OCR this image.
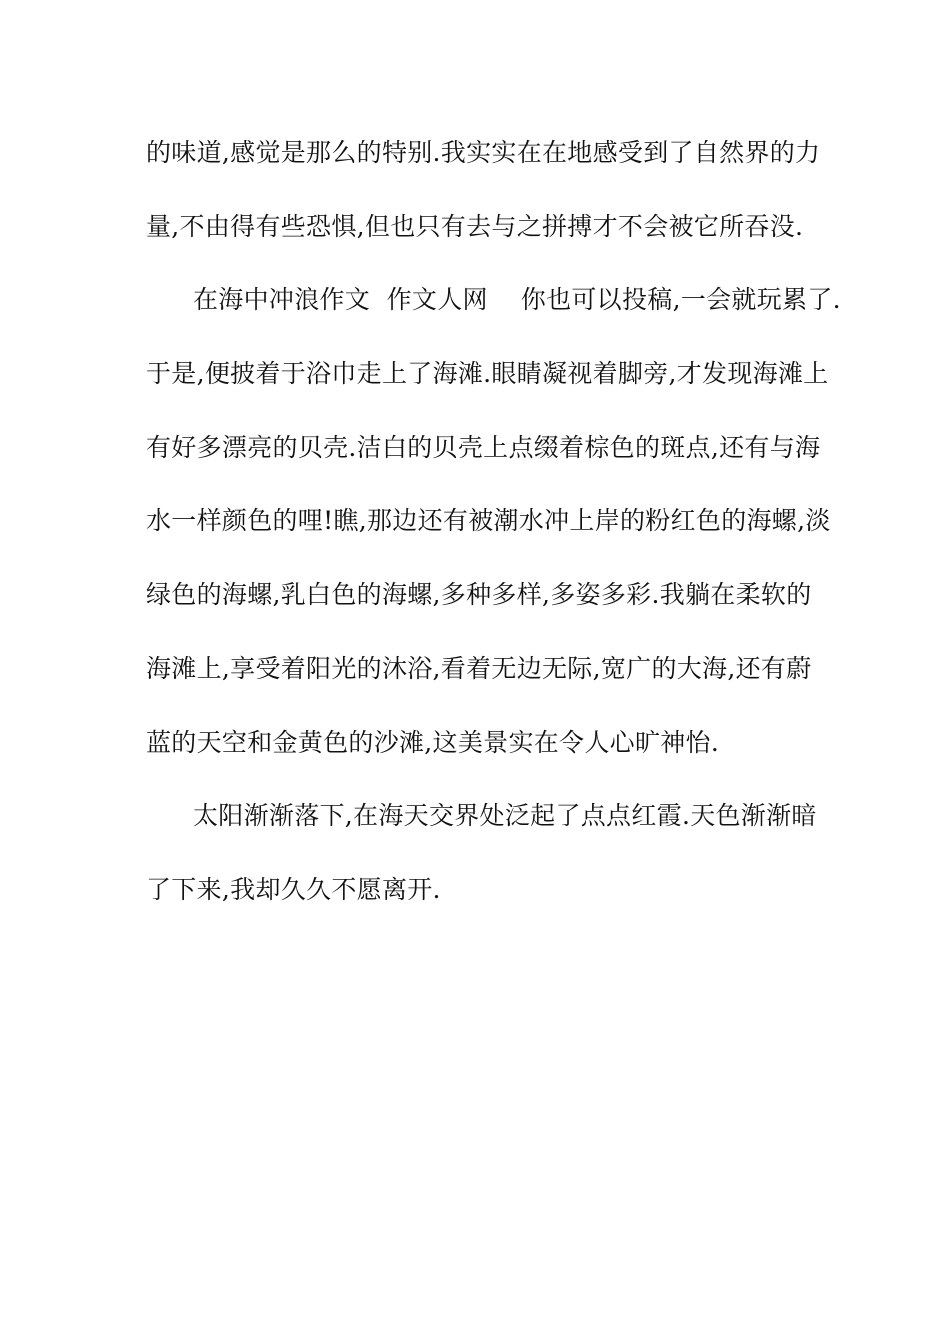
的味道,感觉是那么的特别.我实实在在地感受到了自然界的力
量,不由得有些恐惧,但也只有去与之拼搏才不会被它所吞没.
在海中冲浪作文  作文人网    你也可以投稿,一会就玩累了.
于是,便披着于浴巾走上了海滩.眼睛凝视着脚旁,才发现海滩上
有好多漂亮的贝壳.洁白的贝壳上点缀着棕色的斑点,还有与海
水一样颜色的哩!瞧,那边还有被潮水冲上岸的粉红色的海螺,淡
绿色的海螺,乳白色的海螺,多种多样,多姿多彩.我躺在柔软的
海滩上,享受着阳光的沐浴,看着无边无际,宽广的大海,还有蔚
蓝的天空和金黄色的沙滩,这美景实在令人心旷神怡.
太阳渐渐落下,在海天交界处泛起了点点红霞.天色渐渐暗
了下来,我却久久不愿离开.
